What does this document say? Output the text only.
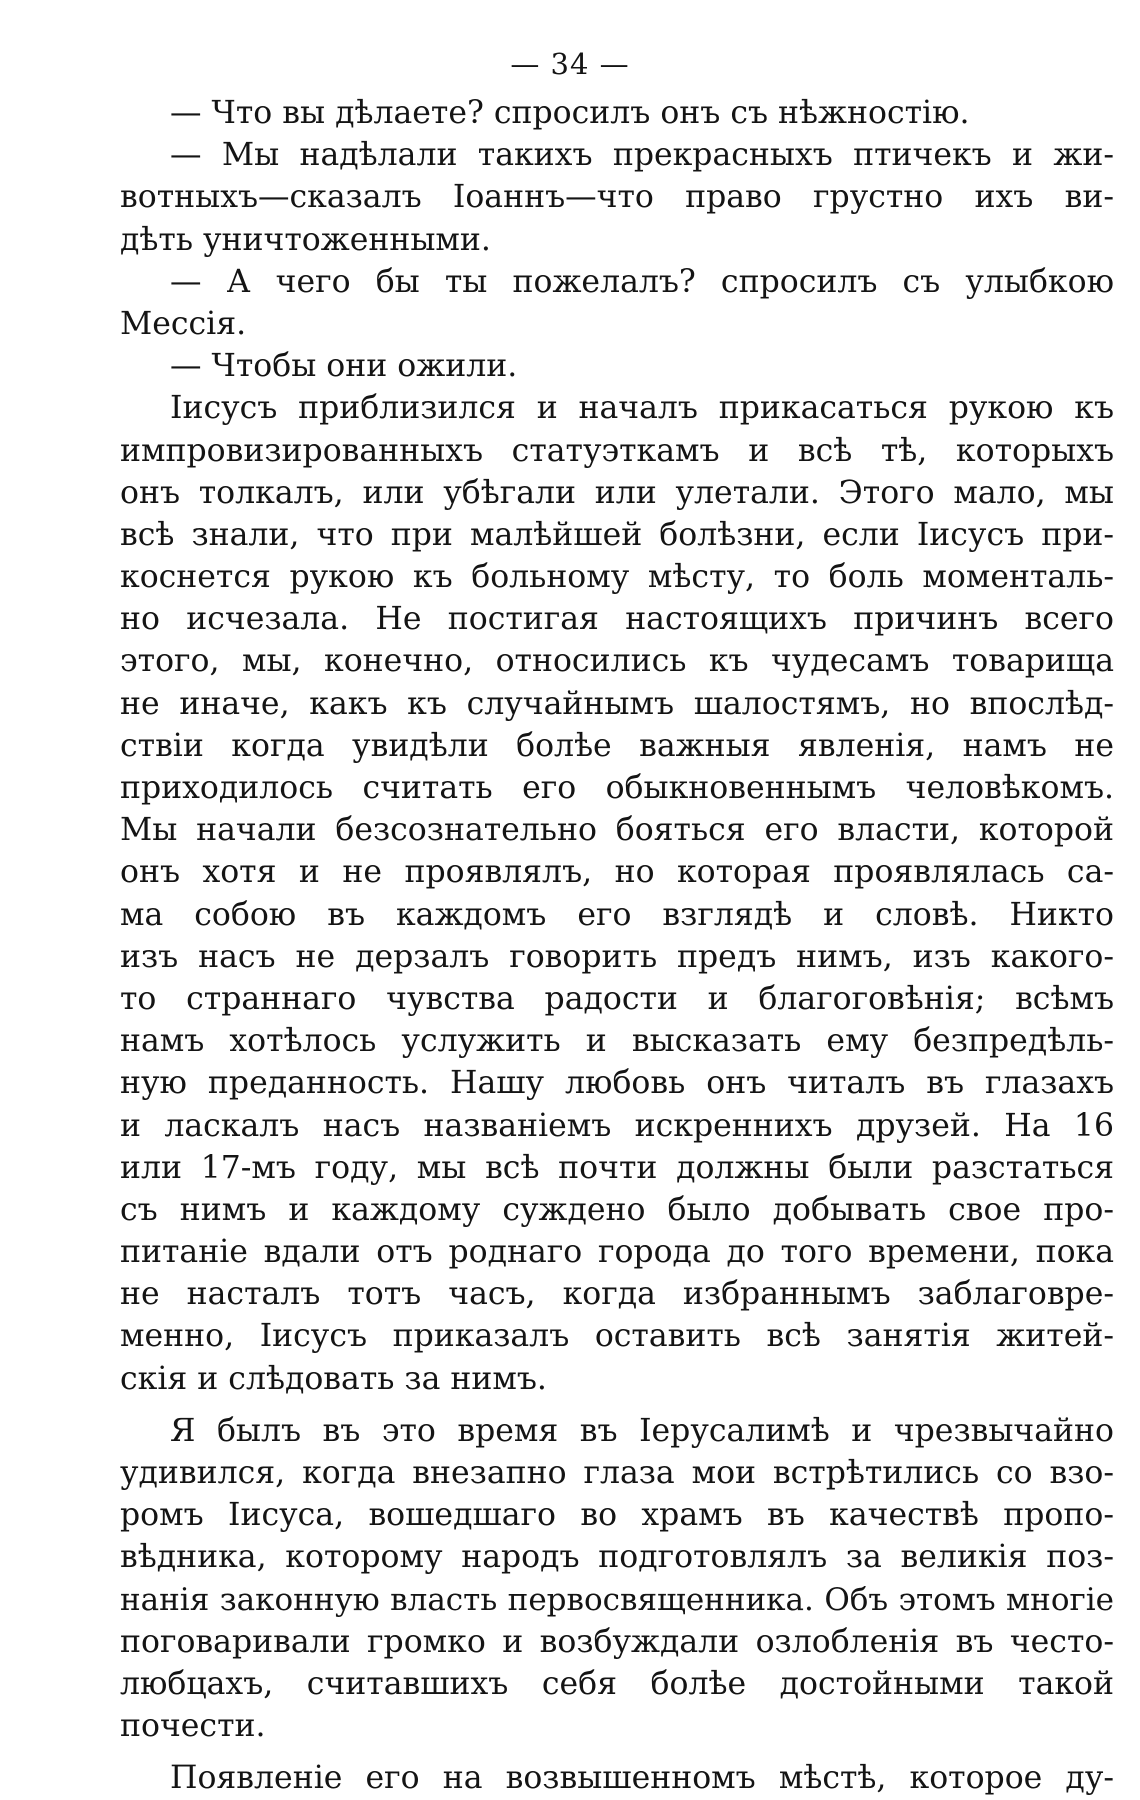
— 34 —
— Что вы дѣлаете? спросилъ онъ съ нѣжностiю.
— Мы надѣлали такихъ прекрасныхъ птичекъ и жи-
вотныхъ—сказалъ Іоаннъ—что право грустно ихъ ви-
дѣть уничтоженными.
— А чего бы ты пожелалъ? спросилъ съ улыбкою
Мессія.
— Чтобы они ожили.
Іисусъ приблизился и началъ прикасаться рукою къ
импровизированныхъ статуэткамъ и всѣ тѣ, которыхъ
онъ толкалъ, или убѣгали или улетали. Этого мало, мы
всѣ знали, что при малѣйшей болѣзни, если Іисусъ при-
коснется рукою къ больному мѣсту, то боль моменталь-
но исчезала. Не постигая настоящихъ причинъ всего
этого, мы, конечно, относились къ чудесамъ товарища
не иначе, какъ къ случайнымъ шалостямъ, но впослѣд-
ствіи когда увидѣли болѣе важныя явленія, намъ не
приходилось считать его обыкновеннымъ человѣкомъ.
Мы начали безсознательно бояться его власти, которой
онъ хотя и не проявлялъ, но которая проявлялась са-
ма собою въ каждомъ его взглядѣ и словѣ. Никто
изъ насъ не дерзалъ говорить предъ нимъ, изъ какого-
то страннаго чувства радости и благоговѣнія; всѣмъ
намъ хотѣлось услужить и высказать ему безпредѣль-
ную преданность. Нашу любовь онъ читалъ въ глазахъ
и ласкалъ насъ названіемъ искреннихъ друзей. На 16
или 17-мъ году, мы всѣ почти должны были разстаться
съ нимъ и каждому суждено было добывать свое про-
питаніе вдали отъ роднаго города до того времени, пока
не насталъ тотъ часъ, когда избраннымъ заблаговре-
менно, Іисусъ приказалъ оставить всѣ занятія житей-
скія и слѣдовать за нимъ.
Я былъ въ это время въ Іерусалимѣ и чрезвычайно
удивился, когда внезапно глаза мои встрѣтились со взо-
ромъ Іисуса, вошедшаго во храмъ въ качествѣ пропо-
вѣдника, которому народъ подготовлялъ за великія поз-
нанія законную власть первосвященника. Объ этомъ многіе
поговаривали громко и возбуждали озлобленія въ често-
любцахъ, считавшихъ себя болѣе достойными такой
почести.
Появленіе его на возвышенномъ мѣстѣ, которое ду-
